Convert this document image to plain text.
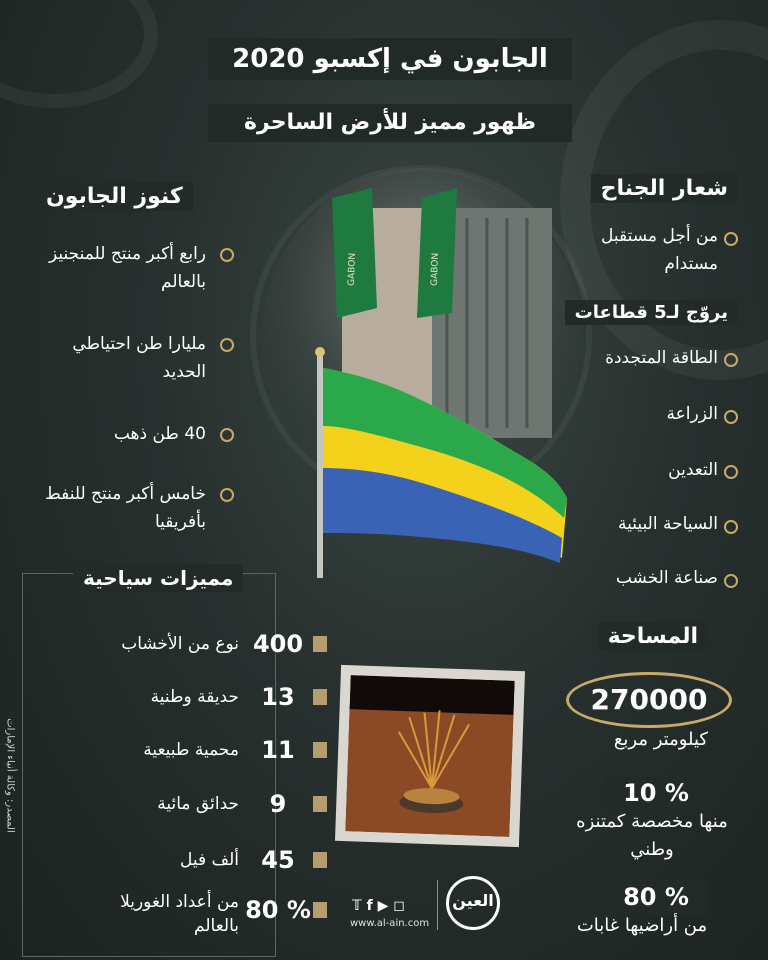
الجابون في إكسبو 2020
ظهور مميز للأرض الساحرة
GABON	GABON
كنوز الجابون
رابع أكبر منتج للمنجنيز بالعالم
مليارا طن احتياطي الحديد
40 طن ذهب
خامس أكبر منتج للنفط بأفريقيا
شعار الجناح
من أجل مستقبل مستدام
يروّج لـ5 قطاعات
الطاقة المتجددة
الزراعة
التعدين
السياحة البيئية
صناعة الخشب
مميزات سياحية
400
نوع من الأخشاب
13
حديقة وطنية
11
محمية طبيعية
9
حدائق مائية
45
ألف فيل
80 %
من أعداد الغوريلا بالعالم
المصدر: وكالة أنباء الإمارات
المساحة
270000
كيلومتر مربع
10 %
منها مخصصة كمتنزه وطني
80 %
من أراضيها غابات
العين
𝕋 f ▶ ◻
www.al-ain.com
